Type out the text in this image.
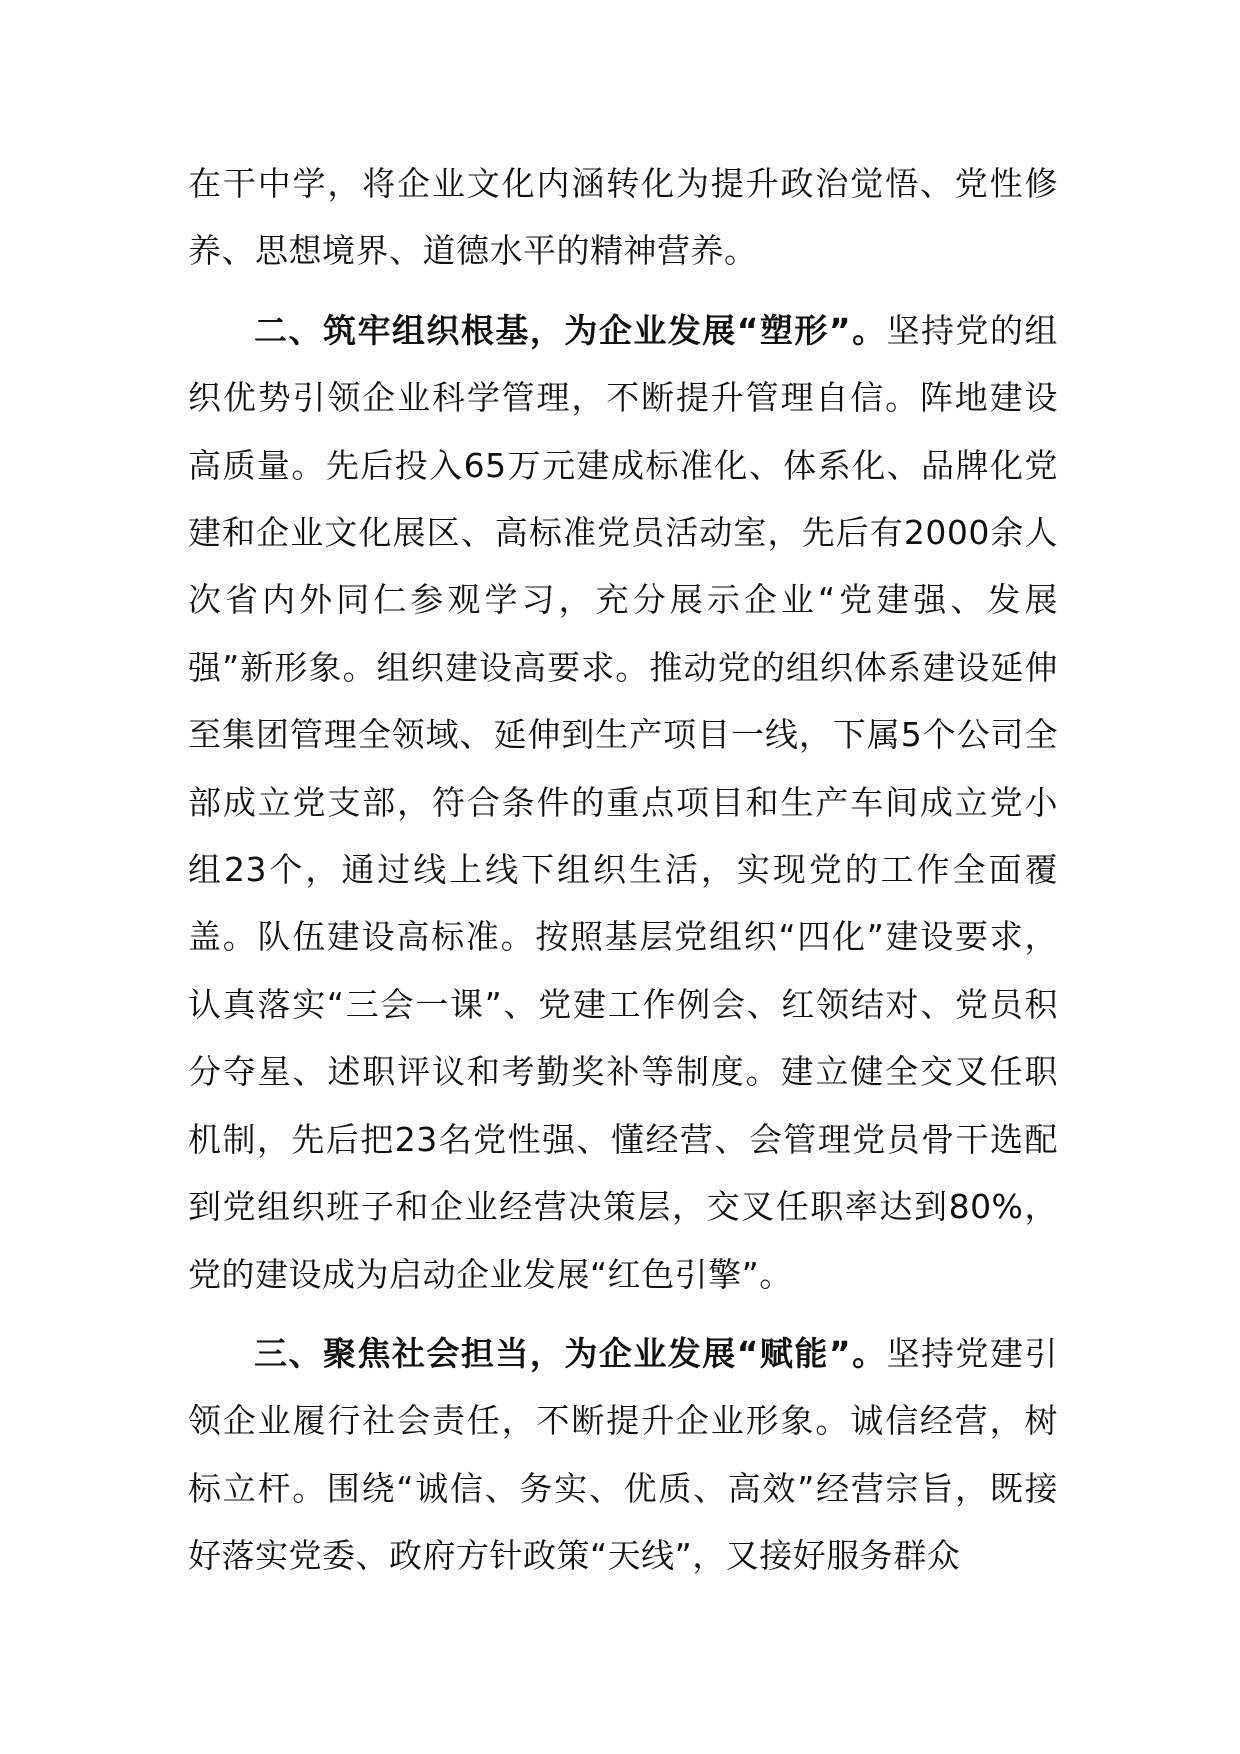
在干中学，将企业文化内涵转化为提升政治觉悟、党性修养、思想境界、道德水平的精神营养。

二、筑牢组织根基，为企业发展“塑形”。坚持党的组织优势引领企业科学管理，不断提升管理自信。阵地建设高质量。先后投入65万元建成标准化、体系化、品牌化党建和企业文化展区、高标准党员活动室，先后有2000余人次省内外同仁参观学习，充分展示企业“党建强、发展强”新形象。组织建设高要求。推动党的组织体系建设延伸至集团管理全领域、延伸到生产项目一线，下属5个公司全部成立党支部，符合条件的重点项目和生产车间成立党小组23个，通过线上线下组织生活，实现党的工作全面覆盖。队伍建设高标准。按照基层党组织“四化”建设要求，认真落实“三会一课”、党建工作例会、红领结对、党员积分夺星、述职评议和考勤奖补等制度。建立健全交叉任职机制，先后把23名党性强、懂经营、会管理党员骨干选配到党组织班子和企业经营决策层，交叉任职率达到80%，党的建设成为启动企业发展“红色引擎”。

三、聚焦社会担当，为企业发展“赋能”。坚持党建引领企业履行社会责任，不断提升企业形象。诚信经营，树标立杆。围绕“诚信、务实、优质、高效”经营宗旨，既接好落实党委、政府方针政策“天线”，又接好服务群众
